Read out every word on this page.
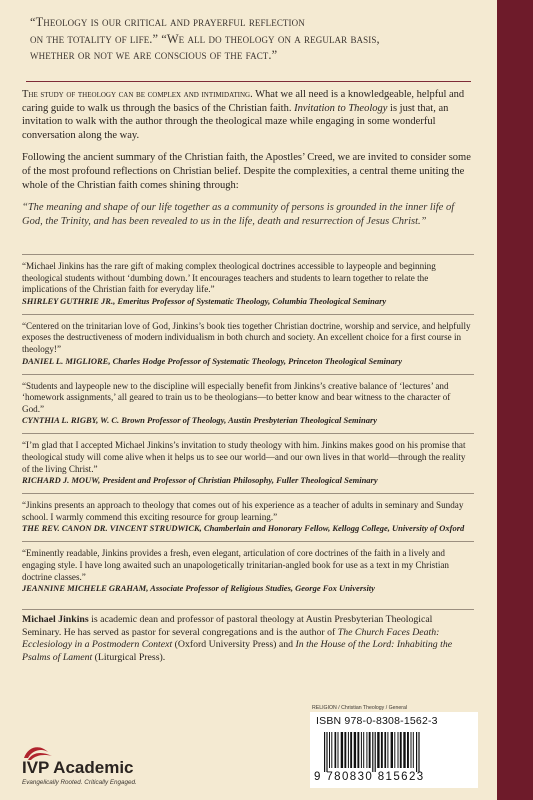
“Theology is our critical and prayerful reflection
on the totality of life.” “We all do theology on a regular basis,
whether or not we are conscious of the fact.”

The study of theology can be complex and intimidating. What we all need is a knowledgeable, helpful and caring guide to walk us through the basics of the Christian faith. Invitation to Theology is just that, an invitation to walk with the author through the theological maze while engaging in some wonderful conversation along the way.

Following the ancient summary of the Christian faith, the Apostles’ Creed, we are invited to consider some of the most profound reflections on Christian belief. Despite the complexities, a central theme uniting the whole of the Christian faith comes shining through:

“The meaning and shape of our life together as a community of persons is grounded in the inner life of God, the Trinity, and has been revealed to us in the life, death and resurrection of Jesus Christ.”

“Michael Jinkins has the rare gift of making complex theological doctrines accessible to laypeople and beginning theological students without ‘dumbing down.’ It encourages teachers and students to learn together to relate the implications of the Christian faith for everyday life.”
SHIRLEY GUTHRIE JR., Emeritus Professor of Systematic Theology, Columbia Theological Seminary
“Centered on the trinitarian love of God, Jinkins’s book ties together Christian doctrine, worship and service, and helpfully exposes the destructiveness of modern individualism in both church and society. An excellent choice for a first course in theology!”
DANIEL L. MIGLIORE, Charles Hodge Professor of Systematic Theology, Princeton Theological Seminary
“Students and laypeople new to the discipline will especially benefit from Jinkins’s creative balance of ‘lectures’ and ‘homework assignments,’ all geared to train us to be theologians—to better know and bear witness to the character of God.”
CYNTHIA L. RIGBY, W. C. Brown Professor of Theology, Austin Presbyterian Theological Seminary
“I’m glad that I accepted Michael Jinkins’s invitation to study theology with him. Jinkins makes good on his promise that theological study will come alive when it helps us to see our world—and our own lives in that world—through the reality of the living Christ.”
RICHARD J. MOUW, President and Professor of Christian Philosophy, Fuller Theological Seminary
“Jinkins presents an approach to theology that comes out of his experience as a teacher of adults in seminary and Sunday school. I warmly commend this exciting resource for group learning.”
THE REV. CANON DR. VINCENT STRUDWICK, Chamberlain and Honorary Fellow, Kellogg College, University of Oxford
“Eminently readable, Jinkins provides a fresh, even elegant, articulation of core doctrines of the faith in a lively and engaging style. I have long awaited such an unapologetically trinitarian-angled book for use as a text in my Christian doctrine classes.”
JEANNINE MICHELE GRAHAM, Associate Professor of Religious Studies, George Fox University
Michael Jinkins is academic dean and professor of pastoral theology at Austin Presbyterian Theological Seminary. He has served as pastor for several congregations and is the author of The Church Faces Death: Ecclesiology in a Postmodern Context (Oxford University Press) and In the House of the Lord: Inhabiting the Psalms of Lament (Liturgical Press).
RELIGION / Christian Theology / General
ISBN 978-0-8308-1562-3
9 780830 815623
IVP Academic
Evangelically Rooted. Critically Engaged.
